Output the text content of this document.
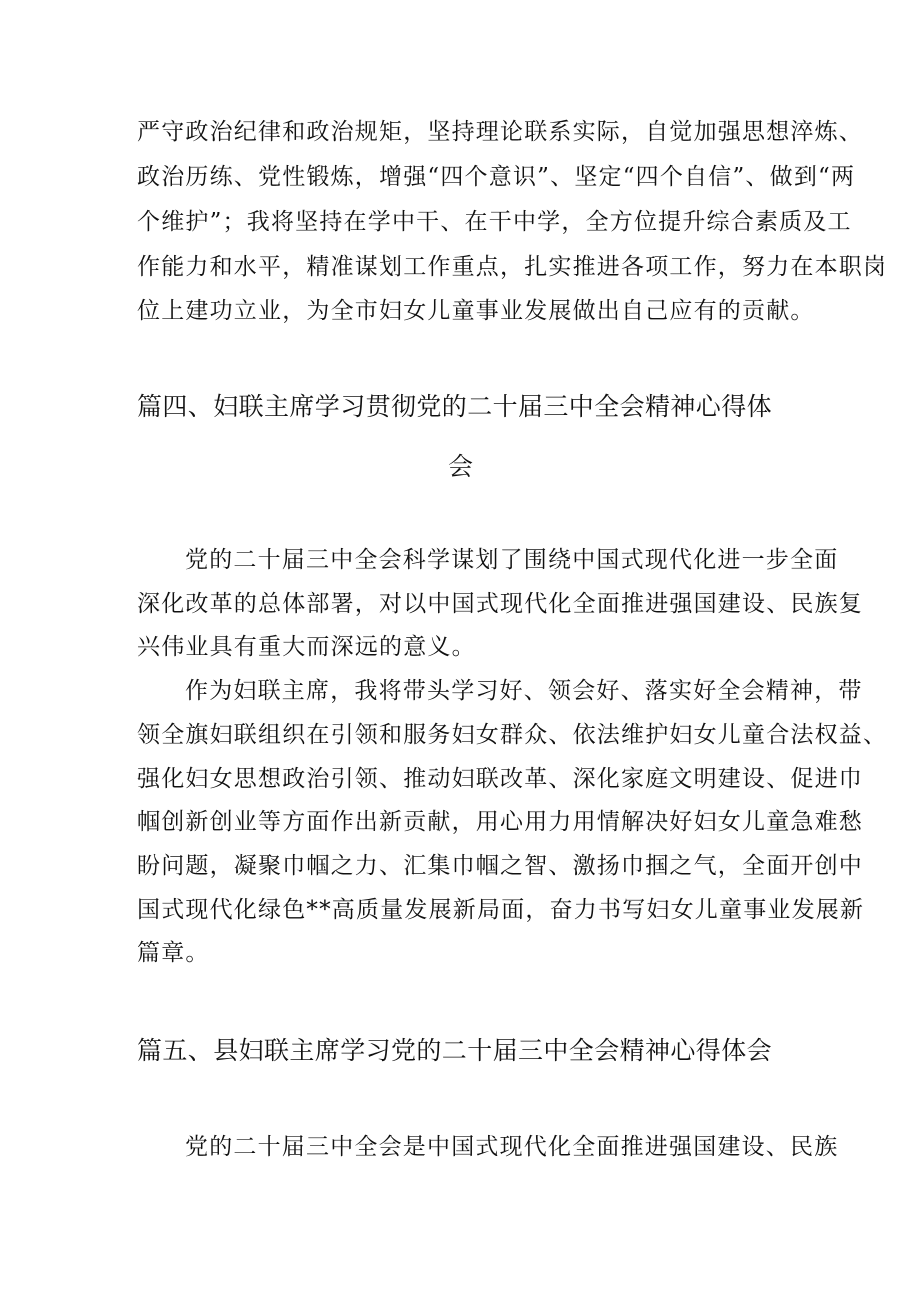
严守政治纪律和政治规矩，坚持理论联系实际，自觉加强思想淬炼、
政治历练、党性锻炼，增强“四个意识”、坚定“四个自信”、做到“两
个维护”；我将坚持在学中干、在干中学，全方位提升综合素质及工
作能力和水平，精准谋划工作重点，扎实推进各项工作，努力在本职岗
位上建功立业，为全市妇女儿童事业发展做出自己应有的贡献。
篇四、妇联主席学习贯彻党的二十届三中全会精神心得体
会
党的二十届三中全会科学谋划了围绕中国式现代化进一步全面
深化改革的总体部署，对以中国式现代化全面推进强国建设、民族复
兴伟业具有重大而深远的意义。
作为妇联主席，我将带头学习好、领会好、落实好全会精神，带
领全旗妇联组织在引领和服务妇女群众、依法维护妇女儿童合法权益、
强化妇女思想政治引领、推动妇联改革、深化家庭文明建设、促进巾
帼创新创业等方面作出新贡献，用心用力用情解决好妇女儿童急难愁
盼问题，凝聚巾帼之力、汇集巾帼之智、激扬巾掴之气，全面开创中
国式现代化绿色**高质量发展新局面，奋力书写妇女儿童事业发展新
篇章。
篇五、县妇联主席学习党的二十届三中全会精神心得体会
党的二十届三中全会是中国式现代化全面推进强国建设、民族
